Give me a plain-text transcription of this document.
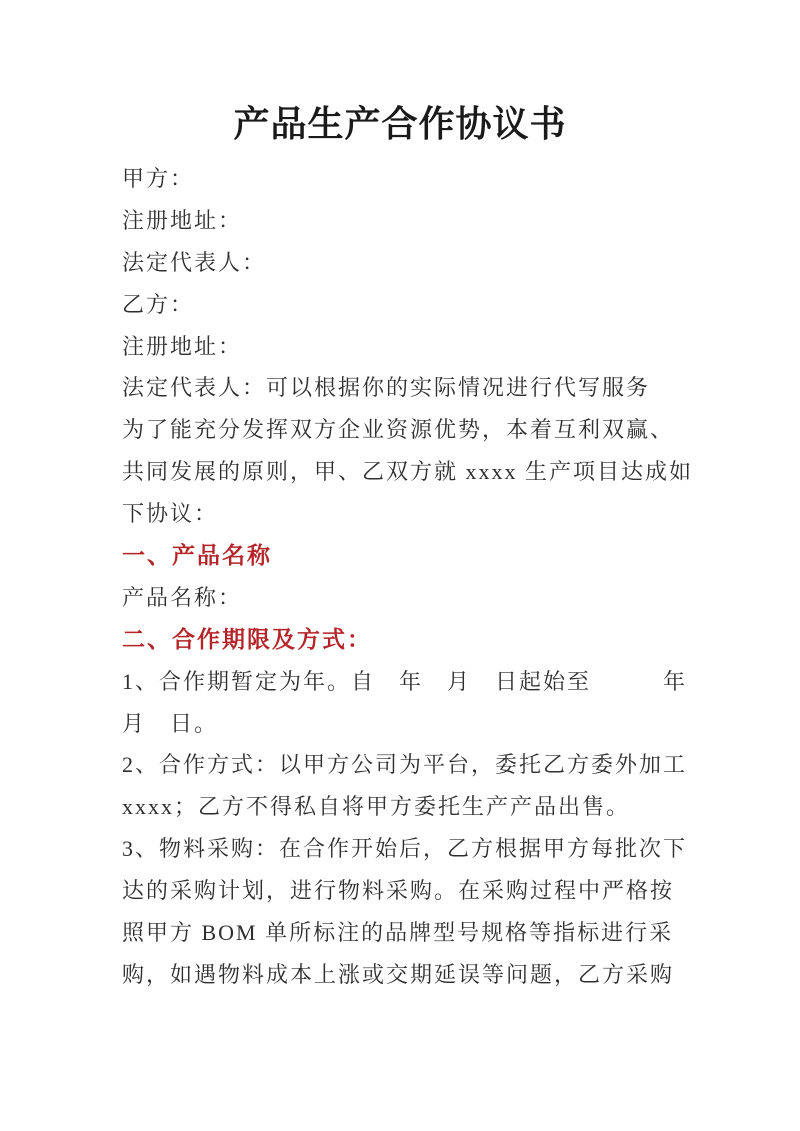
产品生产合作协议书
甲方：
注册地址：
法定代表人：
乙方：
注册地址：
法定代表人：可以根据你的实际情况进行代写服务
为了能充分发挥双方企业资源优势，本着互利双赢、
共同发展的原则，甲、乙双方就 xxxx 生产项目达成如
下协议：
一、产品名称
产品名称：
二、合作期限及方式：
1、合作期暂定为年。自　年　月　日起始至　　　年
月　日。
2、合作方式：以甲方公司为平台，委托乙方委外加工
xxxx；乙方不得私自将甲方委托生产产品出售。
3、物料采购：在合作开始后，乙方根据甲方每批次下
达的采购计划，进行物料采购。在采购过程中严格按
照甲方 BOM 单所标注的品牌型号规格等指标进行采
购，如遇物料成本上涨或交期延误等问题，乙方采购
